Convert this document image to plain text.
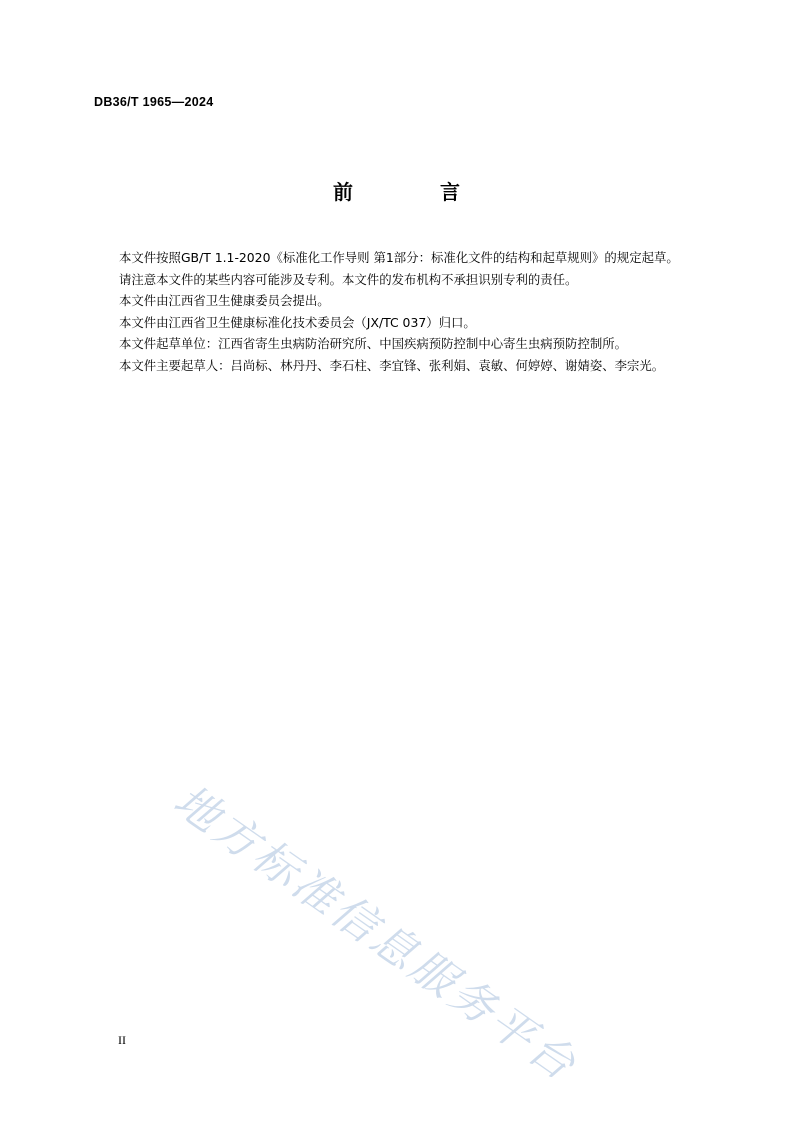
DB36/T 1965—2024
前 言

本文件按照GB/T 1.1-2020《标准化工作导则 第1部分：标准化文件的结构和起草规则》的规定起草。

请注意本文件的某些内容可能涉及专利。本文件的发布机构不承担识别专利的责任。

本文件由江西省卫生健康委员会提出。

本文件由江西省卫生健康标准化技术委员会（JX/TC 037）归口。

本文件起草单位：江西省寄生虫病防治研究所、中国疾病预防控制中心寄生虫病预防控制所。

本文件主要起草人：吕尚标、林丹丹、李石柱、李宜锋、张利娟、袁敏、何婷婷、谢婧姿、李宗光。

地方标准信息服务平台
II
